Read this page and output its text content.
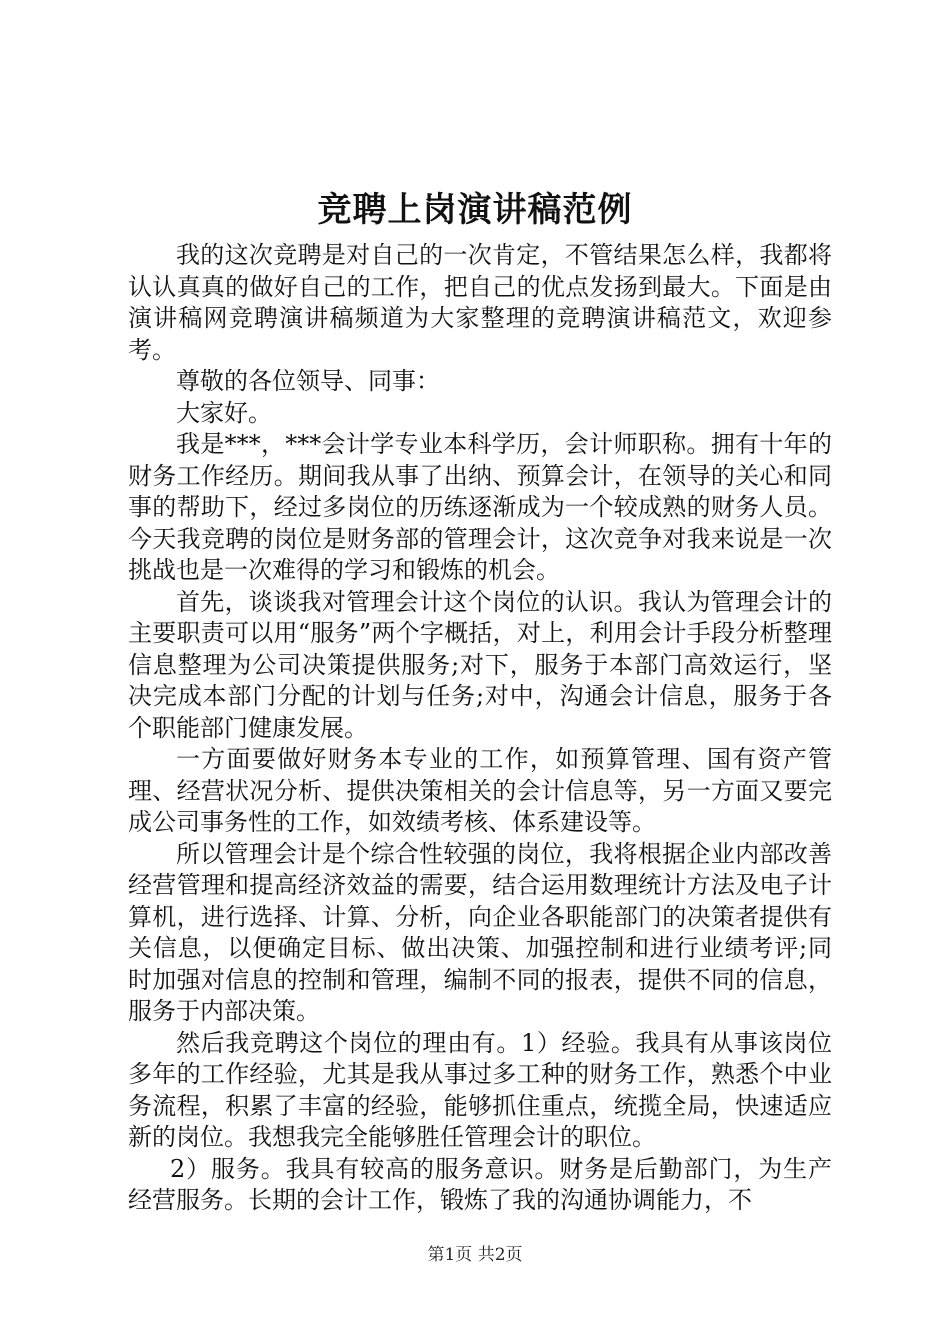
竞聘上岗演讲稿范例

我的这次竞聘是对自己的一次肯定，不管结果怎么样，我都将认认真真的做好自己的工作，把自己的优点发扬到最大。下面是由演讲稿网竞聘演讲稿频道为大家整理的竞聘演讲稿范文，欢迎参考。

尊敬的各位领导、同事：

大家好。

我是***，***会计学专业本科学历，会计师职称。拥有十年的财务工作经历。期间我从事了出纳、预算会计，在领导的关心和同事的帮助下，经过多岗位的历练逐渐成为一个较成熟的财务人员。今天我竞聘的岗位是财务部的管理会计，这次竞争对我来说是一次挑战也是一次难得的学习和锻炼的机会。

首先，谈谈我对管理会计这个岗位的认识。我认为管理会计的主要职责可以用“服务”两个字概括，对上，利用会计手段分析整理信息整理为公司决策提供服务;对下，服务于本部门高效运行，坚决完成本部门分配的计划与任务;对中，沟通会计信息，服务于各个职能部门健康发展。

一方面要做好财务本专业的工作，如预算管理、国有资产管理、经营状况分析、提供决策相关的会计信息等，另一方面又要完成公司事务性的工作，如效绩考核、体系建设等。

所以管理会计是个综合性较强的岗位，我将根据企业内部改善经营管理和提高经济效益的需要，结合运用数理统计方法及电子计算机，进行选择、计算、分析，向企业各职能部门的决策者提供有关信息，以便确定目标、做出决策、加强控制和进行业绩考评;同时加强对信息的控制和管理，编制不同的报表，提供不同的信息，服务于内部决策。

然后我竞聘这个岗位的理由有。1）经验。我具有从事该岗位多年的工作经验，尤其是我从事过多工种的财务工作，熟悉个中业务流程，积累了丰富的经验，能够抓住重点，统揽全局，快速适应新的岗位。我想我完全能够胜任管理会计的职位。

2）服务。我具有较高的服务意识。财务是后勤部门，为生产经营服务。长期的会计工作，锻炼了我的沟通协调能力，不

第1页 共2页
